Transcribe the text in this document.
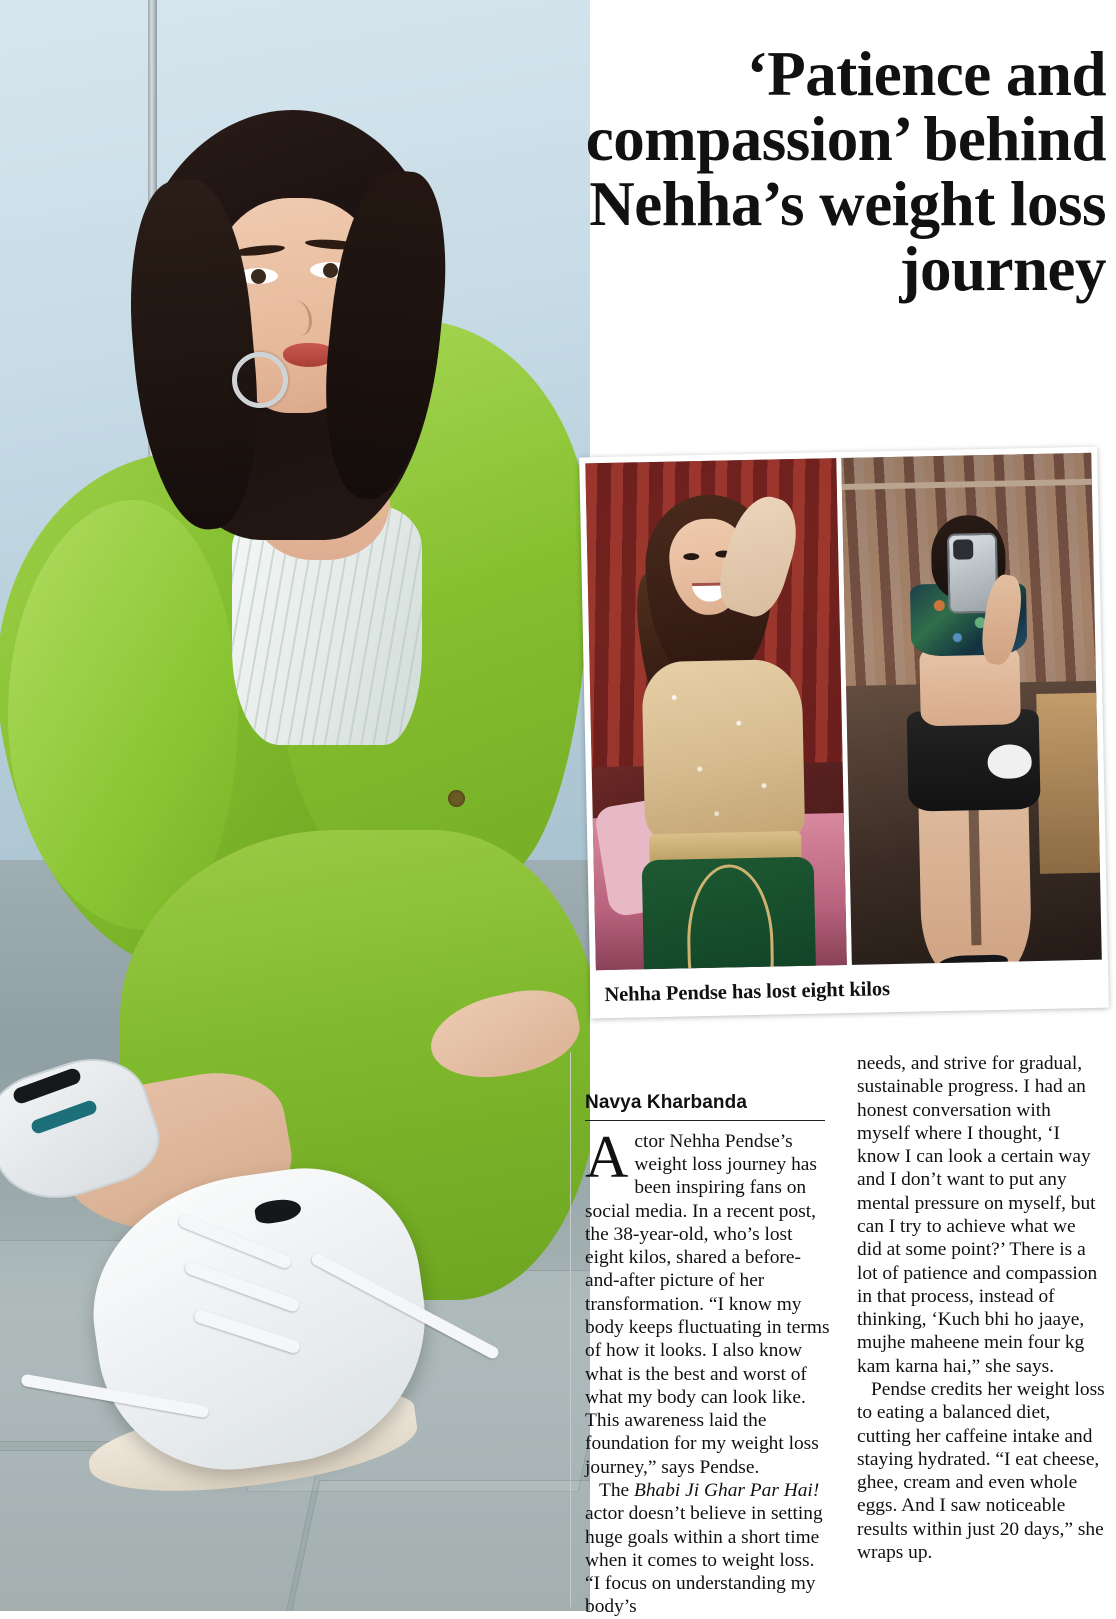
‘Patience and compassion’ behind Nehha’s weight loss journey
Nehha Pendse has lost eight kilos
Navya Kharbanda

Actor Nehha Pendse’s weight loss journey has been inspiring fans on social media. In a recent post, the 38-year-old, who’s lost eight kilos, shared a before-and-after picture of her transformation. “I know my body keeps fluctuating in terms of how it looks. I also know what is the best and worst of what my body can look like. This awareness laid the foundation for my weight loss journey,” says Pendse.

The Bhabi Ji Ghar Par Hai! actor doesn’t believe in setting huge goals within a short time when it comes to weight loss. “I focus on understanding my body’s

needs, and strive for gradual, sustainable progress. I had an honest conversation with myself where I thought, ‘I know I can look a certain way and I don’t want to put any mental pressure on myself, but can I try to achieve what we did at some point?’ There is a lot of patience and compassion in that process, instead of thinking, ‘Kuch bhi ho jaaye, mujhe maheene mein four kg kam karna hai,” she says.

Pendse credits her weight loss to eating a balanced diet, cutting her caffeine intake and staying hydrated. “I eat cheese, ghee, cream and even whole eggs. And I saw noticeable results within just 20 days,” she wraps up.
